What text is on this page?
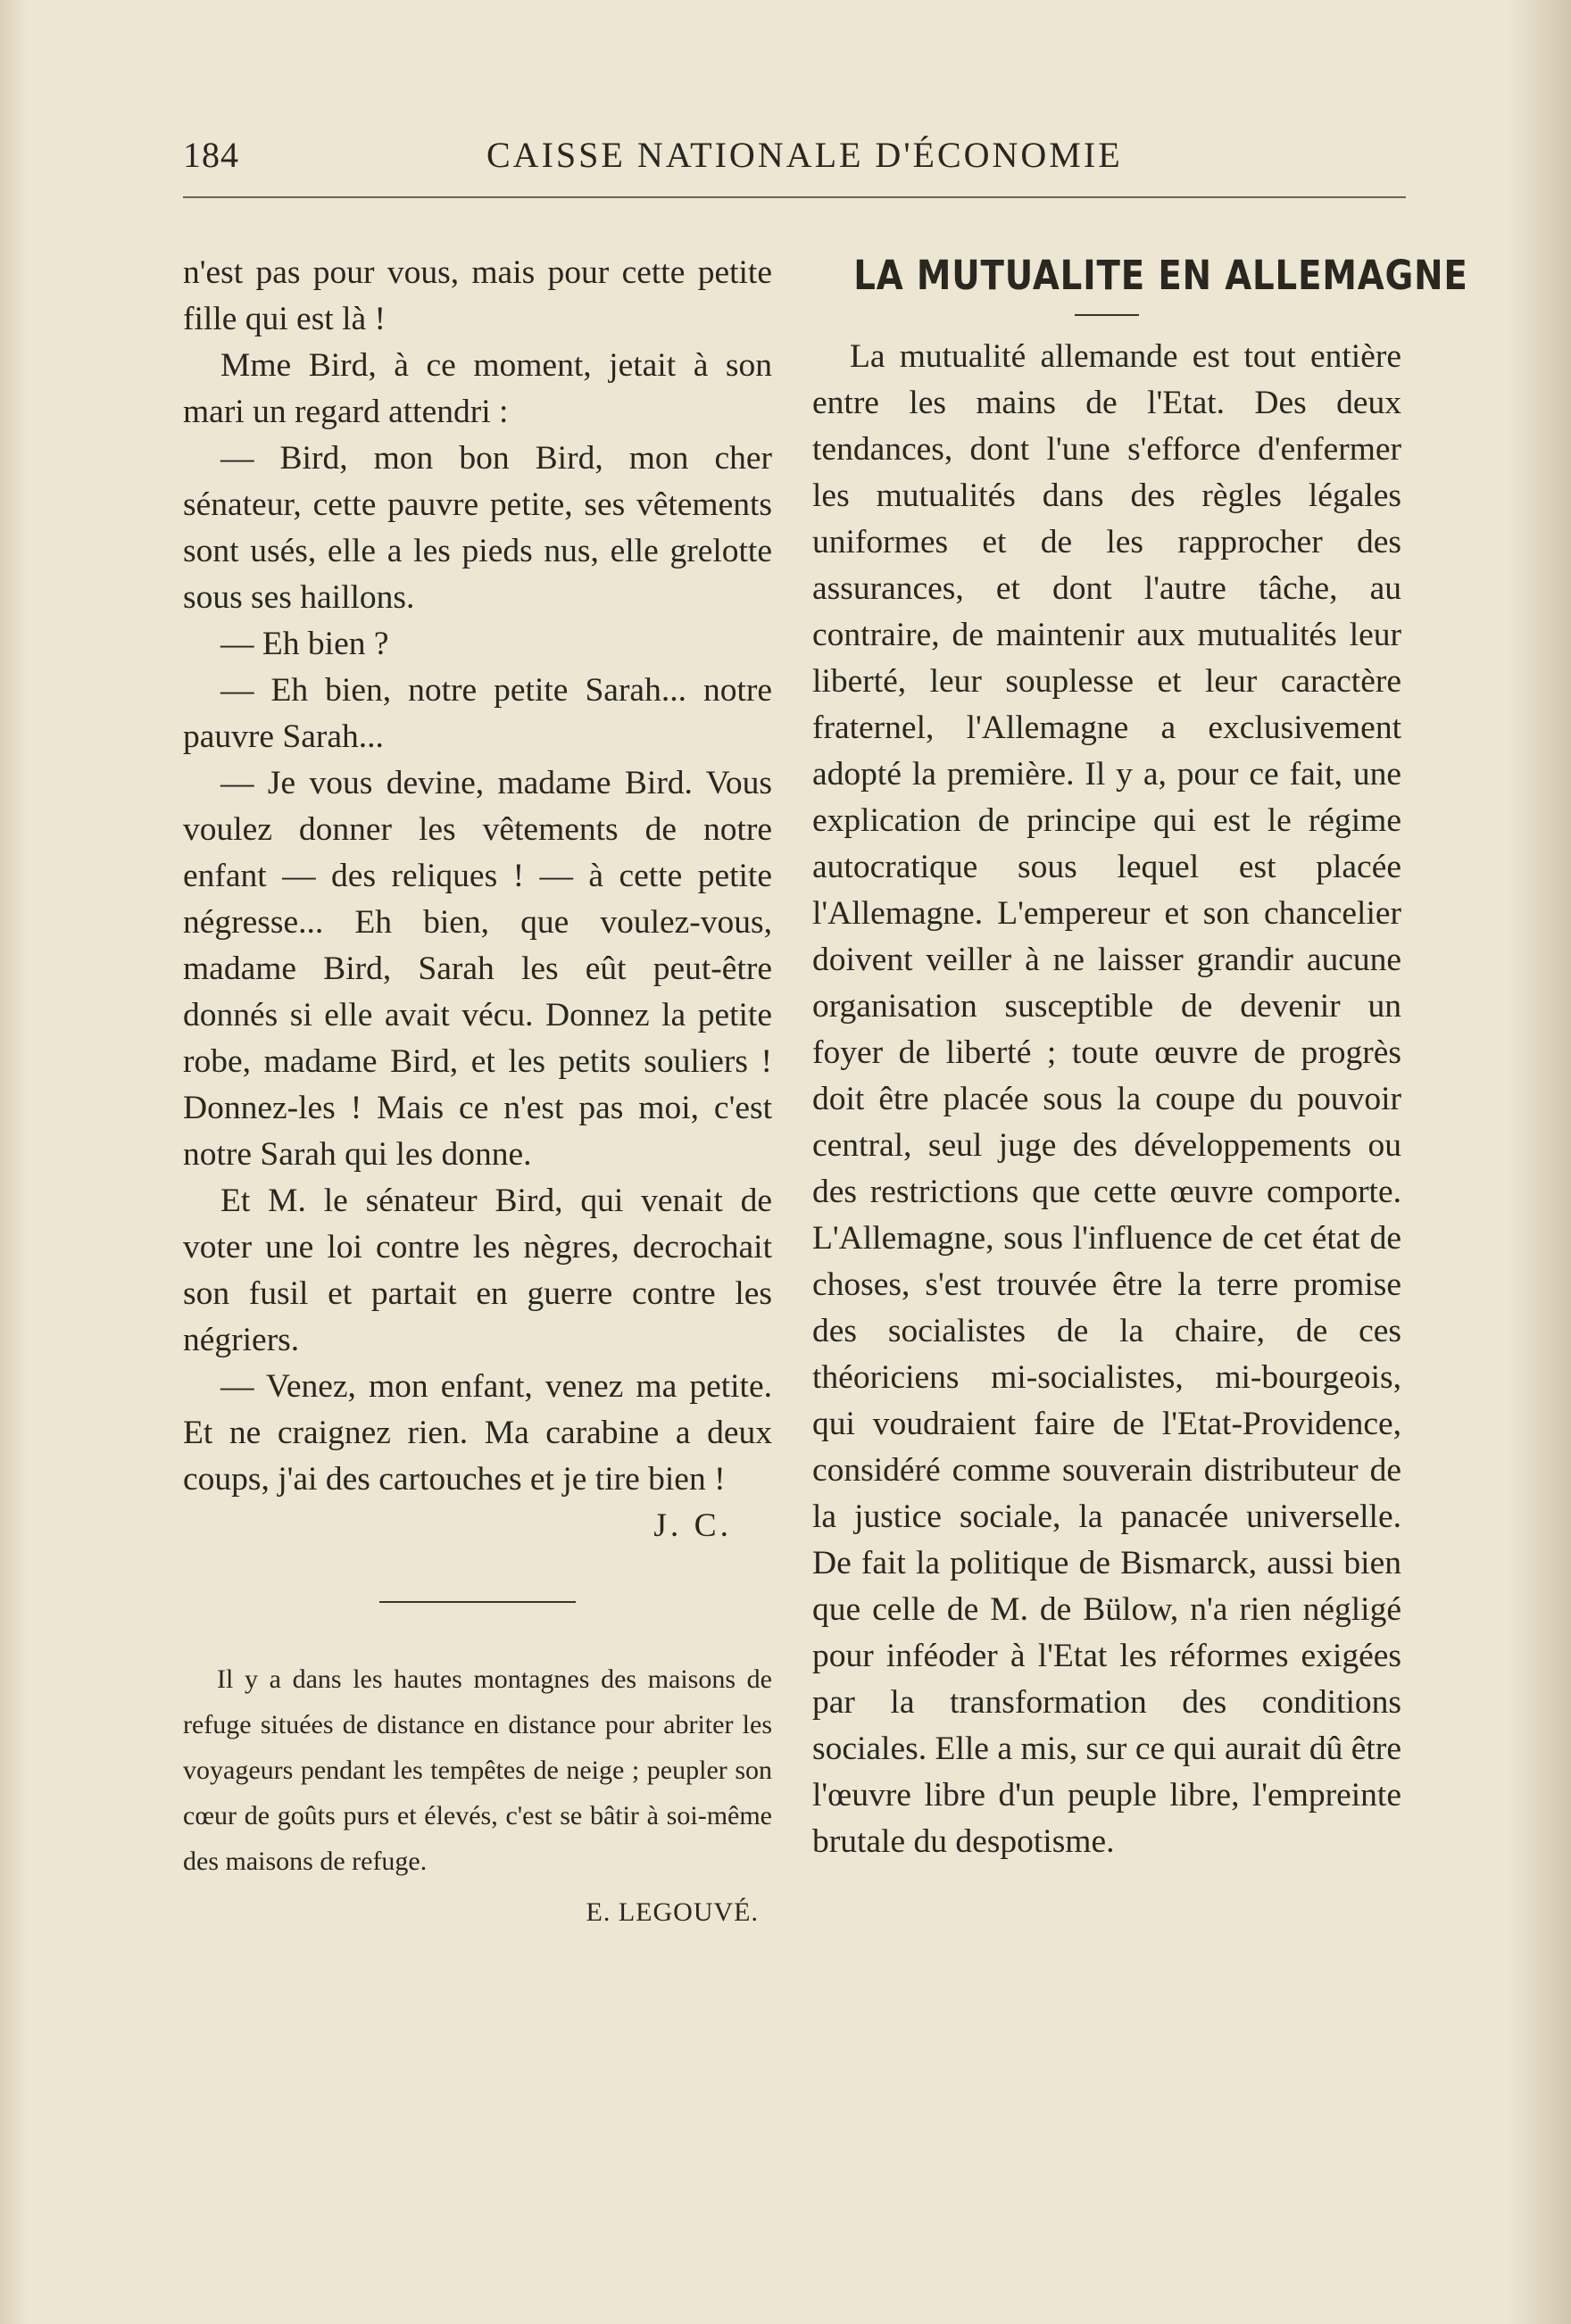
184	CAISSE NATIONALE D'ÉCONOMIE

n'est pas pour vous, mais pour cette petite fille qui est là !

Mme Bird, à ce moment, jetait à son mari un regard attendri :

— Bird, mon bon Bird, mon cher sénateur, cette pauvre petite, ses vêtements sont usés, elle a les pieds nus, elle grelotte sous ses haillons.

— Eh bien ?

— Eh bien, notre petite Sarah... notre pauvre Sarah...

— Je vous devine, madame Bird. Vous voulez donner les vêtements de notre enfant — des reliques ! — à cette petite négresse... Eh bien, que voulez-vous, madame Bird, Sarah les eût peut-être donnés si elle avait vécu. Donnez la petite robe, madame Bird, et les petits souliers ! Donnez-les ! Mais ce n'est pas moi, c'est notre Sarah qui les donne.

Et M. le sénateur Bird, qui venait de voter une loi contre les nègres, decrochait son fusil et partait en guerre contre les négriers.

— Venez, mon enfant, venez ma petite. Et ne craignez rien. Ma carabine a deux coups, j'ai des cartouches et je tire bien !

J. C.

Il y a dans les hautes montagnes des maisons de refuge situées de distance en distance pour abriter les voyageurs pendant les tempêtes de neige ; peupler son cœur de goûts purs et élevés, c'est se bâtir à soi-même des maisons de refuge.

E. LEGOUVÉ.
LA MUTUALITE EN ALLEMAGNE

La mutualité allemande est tout entière entre les mains de l'Etat. Des deux tendances, dont l'une s'efforce d'enfermer les mutualités dans des règles légales uniformes et de les rapprocher des assurances, et dont l'autre tâche, au contraire, de maintenir aux mutualités leur liberté, leur souplesse et leur caractère fraternel, l'Allemagne a exclusivement adopté la première. Il y a, pour ce fait, une explication de principe qui est le régime autocratique sous lequel est placée l'Allemagne. L'empereur et son chancelier doivent veiller à ne laisser grandir aucune organisation susceptible de devenir un foyer de liberté ; toute œuvre de progrès doit être placée sous la coupe du pouvoir central, seul juge des développements ou des restrictions que cette œuvre comporte. L'Allemagne, sous l'influence de cet état de choses, s'est trouvée être la terre promise des socialistes de la chaire, de ces théoriciens mi-socialistes, mi-bourgeois, qui voudraient faire de l'Etat-Providence, considéré comme souverain distributeur de la justice sociale, la panacée universelle. De fait la politique de Bismarck, aussi bien que celle de M. de Bülow, n'a rien négligé pour inféoder à l'Etat les réformes exigées par la transformation des conditions sociales. Elle a mis, sur ce qui aurait dû être l'œuvre libre d'un peuple libre, l'empreinte brutale du despotisme.
